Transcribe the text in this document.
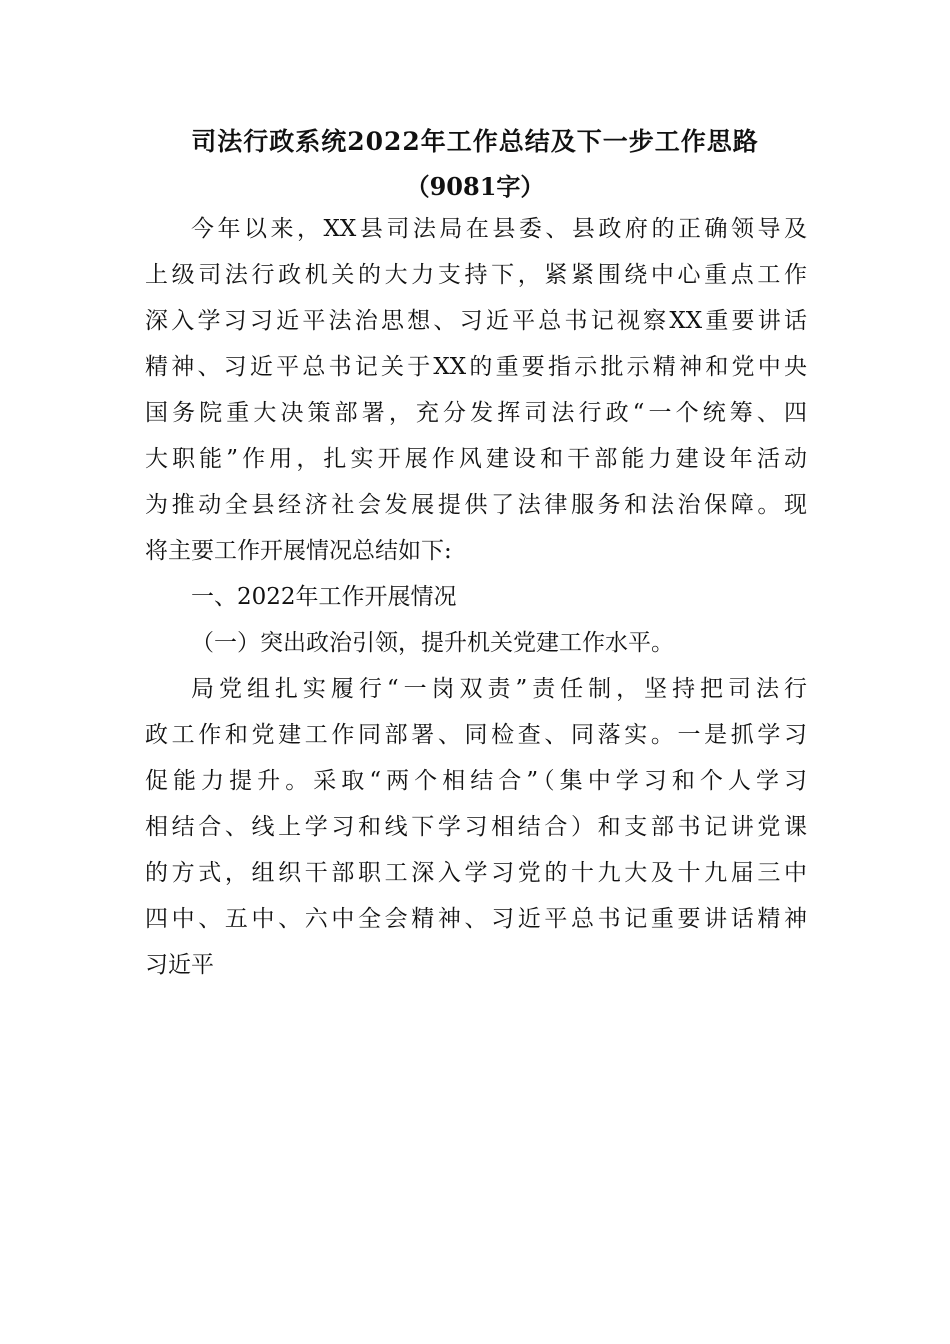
司法行政系统2022年工作总结及下一步工作思路
（9081字）
今年以来，XX县司法局在县委、县政府的正确领导及
上级司法行政机关的大力支持下，紧紧围绕中心重点工作
深入学习习近平法治思想、习近平总书记视察XX重要讲话
精神、习近平总书记关于XX的重要指示批示精神和党中央
国务院重大决策部署，充分发挥司法行政“一个统筹、四
大职能”作用，扎实开展作风建设和干部能力建设年活动
为推动全县经济社会发展提供了法律服务和法治保障。现
将主要工作开展情况总结如下:
一、2022年工作开展情况
（一）突出政治引领，提升机关党建工作水平。
局党组扎实履行“一岗双责”责任制，坚持把司法行
政工作和党建工作同部署、同检查、同落实。一是抓学习
促能力提升。采取“两个相结合”（集中学习和个人学习
相结合、线上学习和线下学习相结合）和支部书记讲党课
的方式，组织干部职工深入学习党的十九大及十九届三中
四中、五中、六中全会精神、习近平总书记重要讲话精神
习近平
